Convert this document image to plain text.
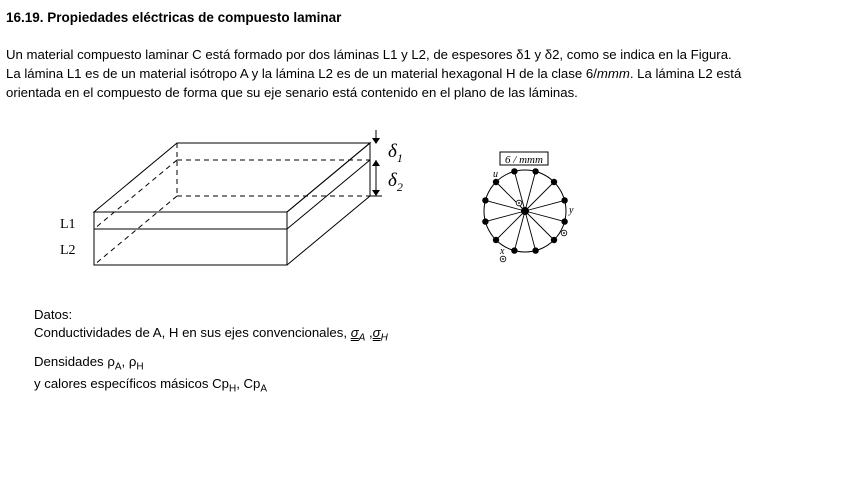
16.19. Propiedades eléctricas de compuesto laminar
Un material compuesto laminar C está formado por dos láminas L1 y L2, de espesores δ1 y δ2, como se indica en la Figura.
La lámina L1 es de un material isótropo A y la lámina L2 es de un material hexagonal H de la clase 6/mmm. La lámina L2 está
orientada en el compuesto de forma que su eje senario está contenido en el plano de las láminas.
L1
L2
$\delta_1$
$\delta_2$
6 / mmm
u
y
x
Datos:
Conductividades de A, H en sus ejes convencionales, $\sigma_A$ $,\sigma_H$
Densidades $\rho_A$, $\rho_H$
y calores específicos másicos $Cp_H$, $Cp_A$
